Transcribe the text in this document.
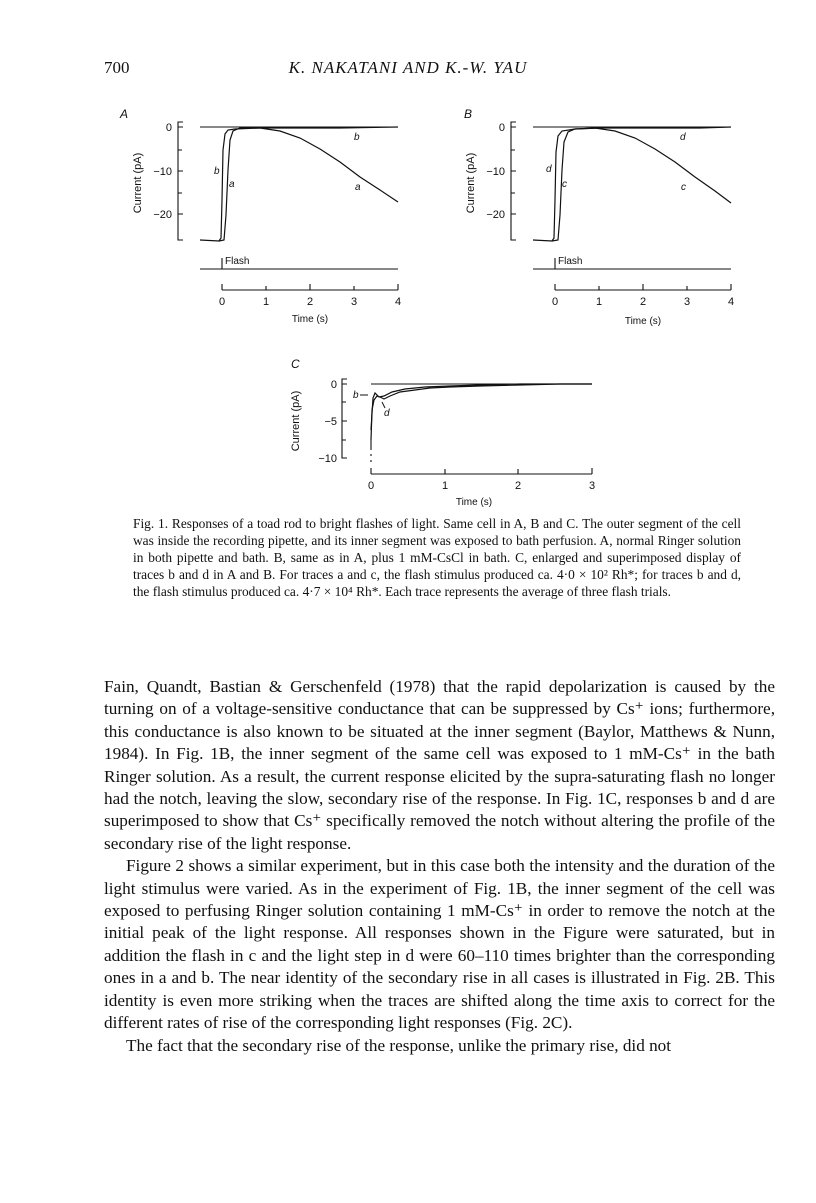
700	K. NAKATANI AND K.-W. YAU
A
Current (pA)
0
−10
−20
b
a
b
a
Flash
0	1	2	3	4
Time (s)
B
Current (pA)
0
−10
−20
d
c
d
c
Flash
0	1	2	3	4
Time (s)
C
Current (pA)
0
−5
−10
b
d
0	1	2	3
Time (s)
Fig. 1. Responses of a toad rod to bright flashes of light. Same cell in A, B and C. The outer segment of the cell was inside the recording pipette, and its inner segment was exposed to bath perfusion. A, normal Ringer solution in both pipette and bath. B, same as in A, plus 1 mM-CsCl in bath. C, enlarged and superimposed display of traces b and d in A and B. For traces a and c, the flash stimulus produced ca. 4·0 × 10² Rh*; for traces b and d, the flash stimulus produced ca. 4·7 × 10⁴ Rh*. Each trace represents the average of three flash trials.

Fain, Quandt, Bastian & Gerschenfeld (1978) that the rapid depolarization is caused by the turning on of a voltage-sensitive conductance that can be suppressed by Cs⁺ ions; furthermore, this conductance is also known to be situated at the inner segment (Baylor, Matthews & Nunn, 1984). In Fig. 1B, the inner segment of the same cell was exposed to 1 mM-Cs⁺ in the bath Ringer solution. As a result, the current response elicited by the supra-saturating flash no longer had the notch, leaving the slow, secondary rise of the response. In Fig. 1C, responses b and d are superimposed to show that Cs⁺ specifically removed the notch without altering the profile of the secondary rise of the light response.

Figure 2 shows a similar experiment, but in this case both the intensity and the duration of the light stimulus were varied. As in the experiment of Fig. 1B, the inner segment of the cell was exposed to perfusing Ringer solution containing 1 mM-Cs⁺ in order to remove the notch at the initial peak of the light response. All responses shown in the Figure were saturated, but in addition the flash in c and the light step in d were 60–110 times brighter than the corresponding ones in a and b. The near identity of the secondary rise in all cases is illustrated in Fig. 2B. This identity is even more striking when the traces are shifted along the time axis to correct for the different rates of rise of the corresponding light responses (Fig. 2C).

The fact that the secondary rise of the response, unlike the primary rise, did not
